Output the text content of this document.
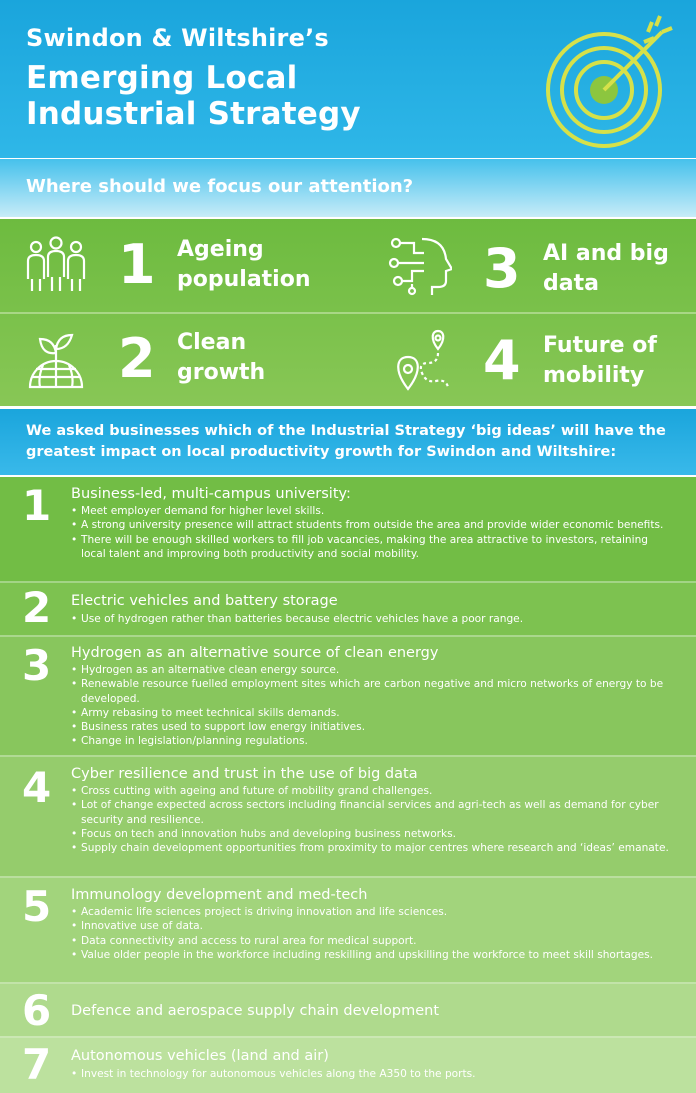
Swindon & Wiltshire’s
Emerging Local Industrial Strategy
Where should we focus our attention?
1 Ageing population	3 AI and big data
2 Clean growth	4 Future of mobility
We asked businesses which of the Industrial Strategy ‘big ideas’ will have the greatest impact on local productivity growth for Swindon and Wiltshire:
1 Business-led, multi-campus university:
• Meet employer demand for higher level skills.
• A strong university presence will attract students from outside the area and provide wider economic benefits.
• There will be enough skilled workers to fill job vacancies, making the area attractive to investors, retaining local talent and improving both productivity and social mobility.
2 Electric vehicles and battery storage
• Use of hydrogen rather than batteries because electric vehicles have a poor range.
3 Hydrogen as an alternative source of clean energy
• Hydrogen as an alternative clean energy source.
• Renewable resource fuelled employment sites which are carbon negative and micro networks of energy to be developed.
• Army rebasing to meet technical skills demands.
• Business rates used to support low energy initiatives.
• Change in legislation/planning regulations.
4 Cyber resilience and trust in the use of big data
• Cross cutting with ageing and future of mobility grand challenges.
• Lot of change expected across sectors including financial services and agri-tech as well as demand for cyber security and resilience.
• Focus on tech and innovation hubs and developing business networks.
• Supply chain development opportunities from proximity to major centres where research and ‘ideas’ emanate.
5 Immunology development and med-tech
• Academic life sciences project is driving innovation and life sciences.
• Innovative use of data.
• Data connectivity and access to rural area for medical support.
• Value older people in the workforce including reskilling and upskilling the workforce to meet skill shortages.
6 Defence and aerospace supply chain development
7 Autonomous vehicles (land and air)
• Invest in technology for autonomous vehicles along the A350 to the ports.
